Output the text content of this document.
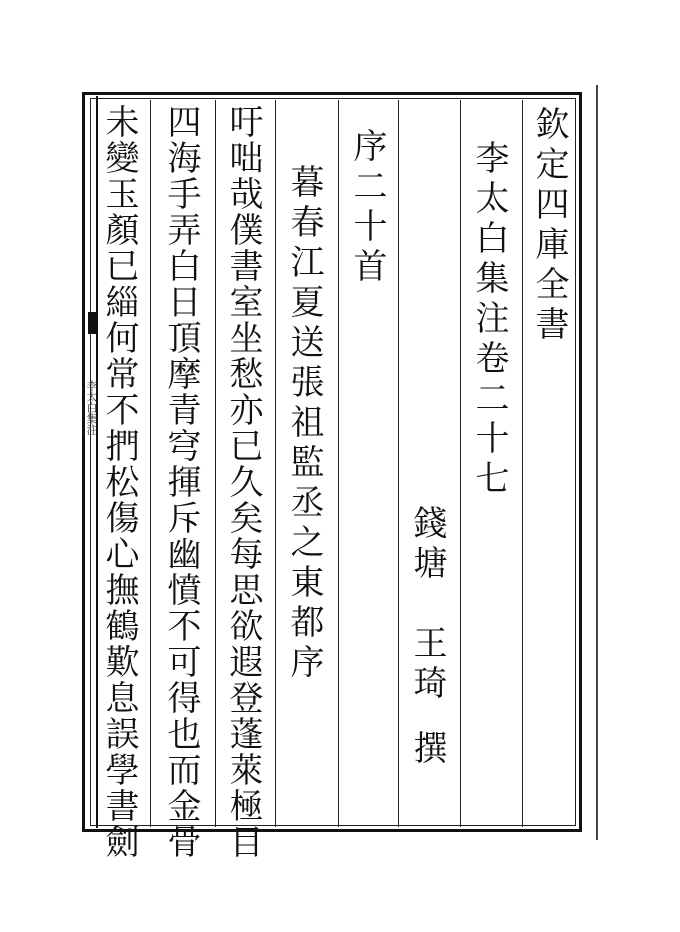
李太白集注
欽定四庫全書
李太白集注卷二十七
錢塘
王琦
撰
序二十首
暮春江夏送張祖監丞之東都序
吁咄哉僕書室坐愁亦已久矣每思欲遐登蓬萊極目
四海手弄白日頂摩青穹揮斥幽憤不可得也而金骨
未變玉顏已緇何常不捫松傷心撫鶴歎息誤學書劍
